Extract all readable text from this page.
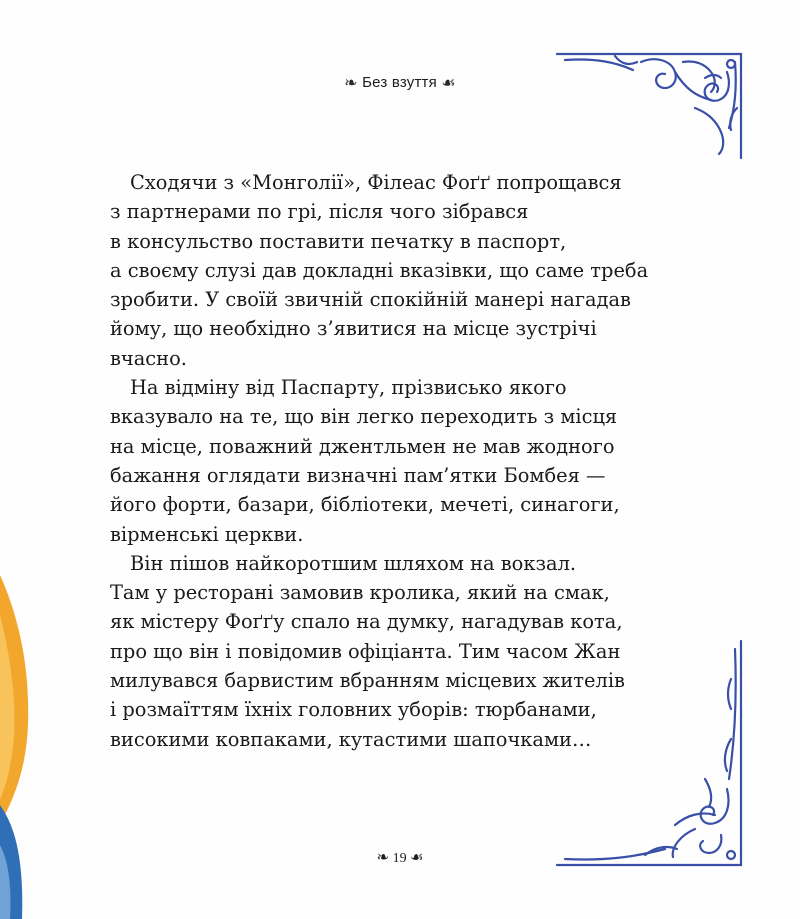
❧ Без взуття ☙
Сходячи з «Монголії», Філеас Фоґґ попрощався
з партнерами по грі, після чого зібрався
в консульство поставити печатку в паспорт,
а своєму слузі дав докладні вказівки, що саме треба
зробити. У своїй звичній спокійній манері нагадав
йому, що необхідно з’явитися на місце зустрічі
вчасно.
На відміну від Паспарту, прізвисько якого
вказувало на те, що він легко переходить з місця
на місце, поважний джентльмен не мав жодного
бажання оглядати визначні пам’ятки Бомбея —
його форти, базари, бібліотеки, мечеті, синагоги,
вірменські церкви.
Він пішов найкоротшим шляхом на вокзал.
Там у ресторані замовив кролика, який на смак,
як містеру Фоґґу спало на думку, нагадував кота,
про що він і повідомив офіціанта. Тим часом Жан
милувався барвистим вбранням місцевих жителів
і розмаїттям їхніх головних уборів: тюрбанами,
високими ковпаками, кутастими шапочками…
❧ 19 ☙
